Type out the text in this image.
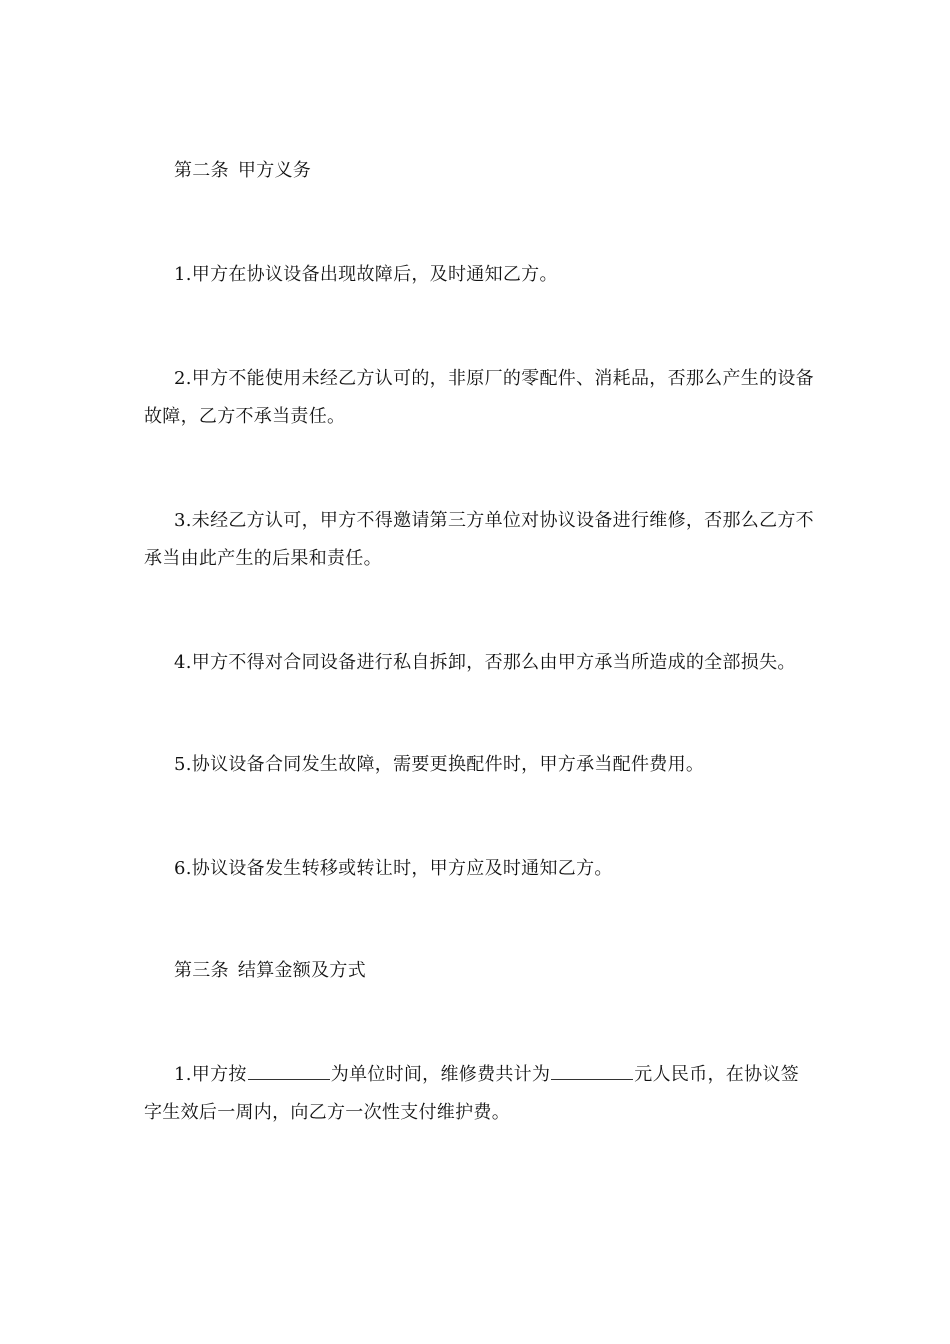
第二条 甲方义务
1.甲方在协议设备出现故障后，及时通知乙方。
2.甲方不能使用未经乙方认可的，非原厂的零配件、消耗品，否那么产生的设备故障，乙方不承当责任。
3.未经乙方认可，甲方不得邀请第三方单位对协议设备进行维修，否那么乙方不承当由此产生的后果和责任。
4.甲方不得对合同设备进行私自拆卸，否那么由甲方承当所造成的全部损失。
5.协议设备合同发生故障，需要更换配件时，甲方承当配件费用。
6.协议设备发生转移或转让时，甲方应及时通知乙方。
第三条 结算金额及方式
1.甲方按	为单位时间，维修费共计为	元人民币，在协议签字生效后一周内，向乙方一次性支付维护费。
